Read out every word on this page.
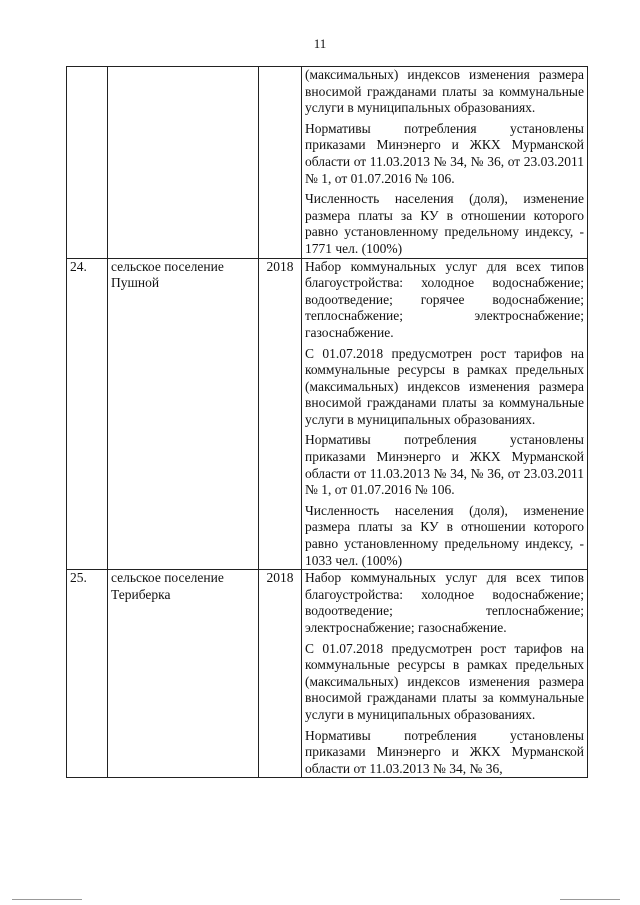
11

			(максимальных) индексов изменения размера вносимой гражданами платы за коммунальные услуги в муниципальных образованиях.

Нормативы потребления установлены приказами Минэнерго и ЖКХ Мурманской области от 11.03.2013 № 34, № 36, от 23.03.2011 № 1, от 01.07.2016 № 106.

Численность населения (доля), изменение размера платы за КУ в отношении которого равно установленному предельному индексу, - 1771 чел. (100%)

24.	сельское поселение Пушной	2018	Набор коммунальных услуг для всех типов благоустройства: холодное водоснабжение; водоотведение; горячее водоснабжение; теплоснабжение; электроснабжение; газоснабжение.

С 01.07.2018 предусмотрен рост тарифов на коммунальные ресурсы в рамках предельных (максимальных) индексов изменения размера вносимой гражданами платы за коммунальные услуги в муниципальных образованиях.

Нормативы потребления установлены приказами Минэнерго и ЖКХ Мурманской области от 11.03.2013 № 34, № 36, от 23.03.2011 № 1, от 01.07.2016 № 106.

Численность населения (доля), изменение размера платы за КУ в отношении которого равно установленному предельному индексу, - 1033 чел. (100%)

25.	сельское поселение Териберка	2018	Набор коммунальных услуг для всех типов благоустройства: холодное водоснабжение; водоотведение; теплоснабжение; электроснабжение; газоснабжение.

С 01.07.2018 предусмотрен рост тарифов на коммунальные ресурсы в рамках предельных (максимальных) индексов изменения размера вносимой гражданами платы за коммунальные услуги в муниципальных образованиях.

Нормативы потребления установлены приказами Минэнерго и ЖКХ Мурманской области от 11.03.2013 № 34, № 36,
